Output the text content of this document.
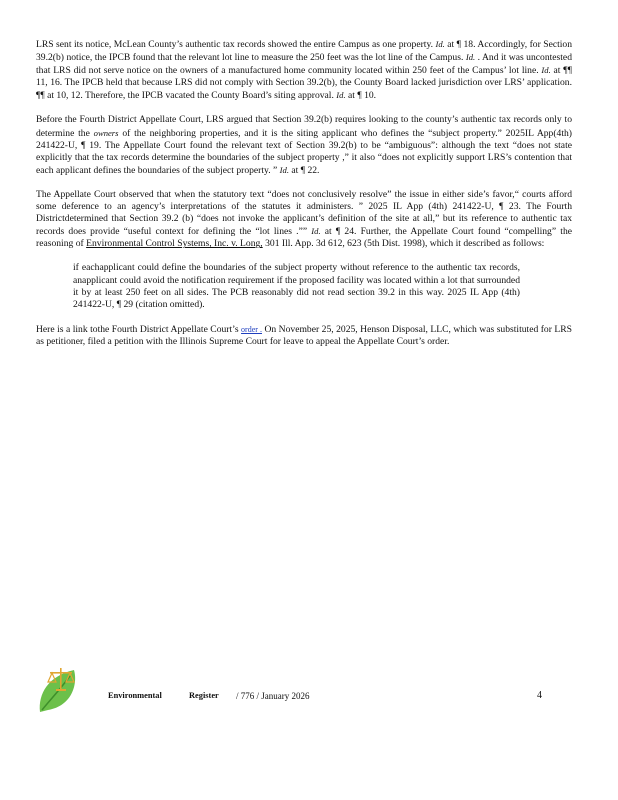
LRS sent its notice, McLean County’s authentic tax records showed the entire Campus as one property. Id. at ¶ 18. Accordingly, for Section 39.2(b) notice, the IPCB found that the relevant lot line to measure the 250 feet was the lot line of the Campus. Id. . And it was uncontested that LRS did not serve notice on the owners of a manufactured home community located within 250 feet of the Campus’ lot line. Id. at ¶¶ 11, 16. The IPCB held that because LRS did not comply with Section 39.2(b), the County Board lacked jurisdiction over LRS’ application. ¶¶ at 10, 12. Therefore, the IPCB vacated the County Board’s siting approval. Id. at ¶ 10.

Before the Fourth District Appellate Court, LRS argued that Section 39.2(b) requires looking to the county’s authentic tax records only to determine the owners of the neighboring properties, and it is the siting applicant who defines the “subject property.” 2025IL App(4th) 241422-U, ¶ 19. The Appellate Court found the relevant text of Section 39.2(b) to be “ambiguous”: although the text “does not state explicitly that the tax records determine the boundaries of the subject property ,” it also “does not explicitly support LRS’s contention that each applicant defines the boundaries of the subject property. ” Id. at ¶ 22.

The Appellate Court observed that when the statutory text “does not conclusively resolve” the issue in either side’s favor,“ courts afford some deference to an agency’s interpretations of the statutes it administers. ” 2025 IL App (4th) 241422-U, ¶ 23. The Fourth Districtdetermined that Section 39.2 (b) “does not invoke the applicant’s definition of the site at all,” but its reference to authentic tax records does provide “useful context for defining the “lot lines .”” Id. at ¶ 24. Further, the Appellate Court found “compelling” the reasoning of Environmental Control Systems, Inc. v. Long, 301 Ill. App. 3d 612, 623 (5th Dist. 1998), which it described as follows:

if eachapplicant could define the boundaries of the subject property without reference to the authentic tax records, anapplicant could avoid the notification requirement if the proposed facility was located within a lot that surrounded it by at least 250 feet on all sides. The PCB reasonably did not read section 39.2 in this way. 2025 IL App (4th) 241422-U, ¶ 29 (citation omitted).

Here is a link tothe Fourth District Appellate Court’s order . On November 25, 2025, Henson Disposal, LLC, which was substituted for LRS as petitioner, filed a petition with the Illinois Supreme Court for leave to appeal the Appellate Court’s order.

Environmental	Register / 776 / January 2026	4
